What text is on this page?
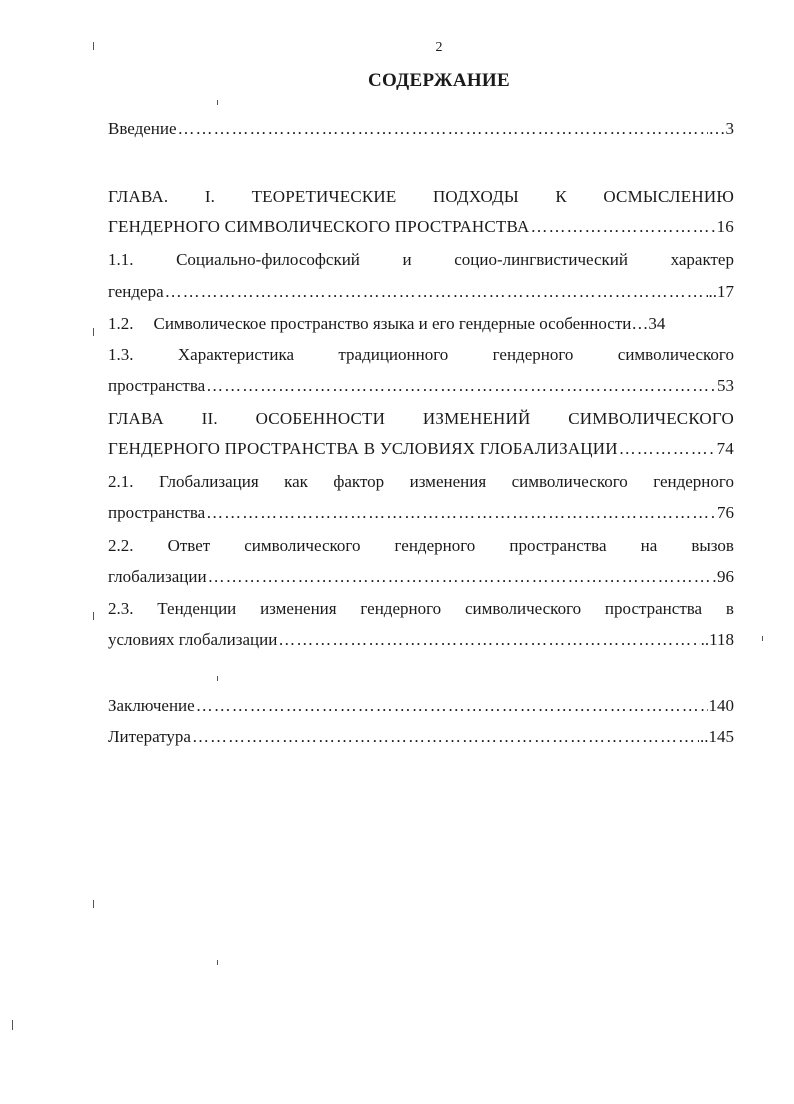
2
СОДЕРЖАНИЕ
Введение …………………………………………………………………………………………………………………………………………………………………………	…3
ГЛАВА. I. ТЕОРЕТИЧЕСКИЕ ПОДХОДЫ К ОСМЫСЛЕНИЮ
ГЕНДЕРНОГО СИМВОЛИЧЕСКОГО ПРОСТРАНСТВА …………………………………………………………………………………………………………………………………………………………………………	16
1.1.	Социально-философский	и	социо-лингвистический	характер
гендера …………………………………………………………………………………………………………………………………………………………………………	..17
1.2. Символическое пространство языка и его гендерные особенности …34
1.3.	Характеристика	традиционного	гендерного	символического
пространства …………………………………………………………………………………………………………………………………………………………………………	53
ГЛАВА II. ОСОБЕННОСТИ ИЗМЕНЕНИЙ СИМВОЛИЧЕСКОГО
ГЕНДЕРНОГО ПРОСТРАНСТВА В УСЛОВИЯХ ГЛОБАЛИЗАЦИИ …………………………………………………………………………………………………………………………………………………………………………	74
2.1. Глобализация как фактор изменения символического гендерного
пространства …………………………………………………………………………………………………………………………………………………………………………	76
2.2. Ответ символического гендерного пространства на вызов
глобализации …………………………………………………………………………………………………………………………………………………………………………	96
2.3. Тенденции изменения гендерного символического пространства в
условиях глобализации …………………………………………………………………………………………………………………………………………………………………………	..118
Заключение …………………………………………………………………………………………………………………………………………………………………………	140
Литература …………………………………………………………………………………………………………………………………………………………………………	..145
